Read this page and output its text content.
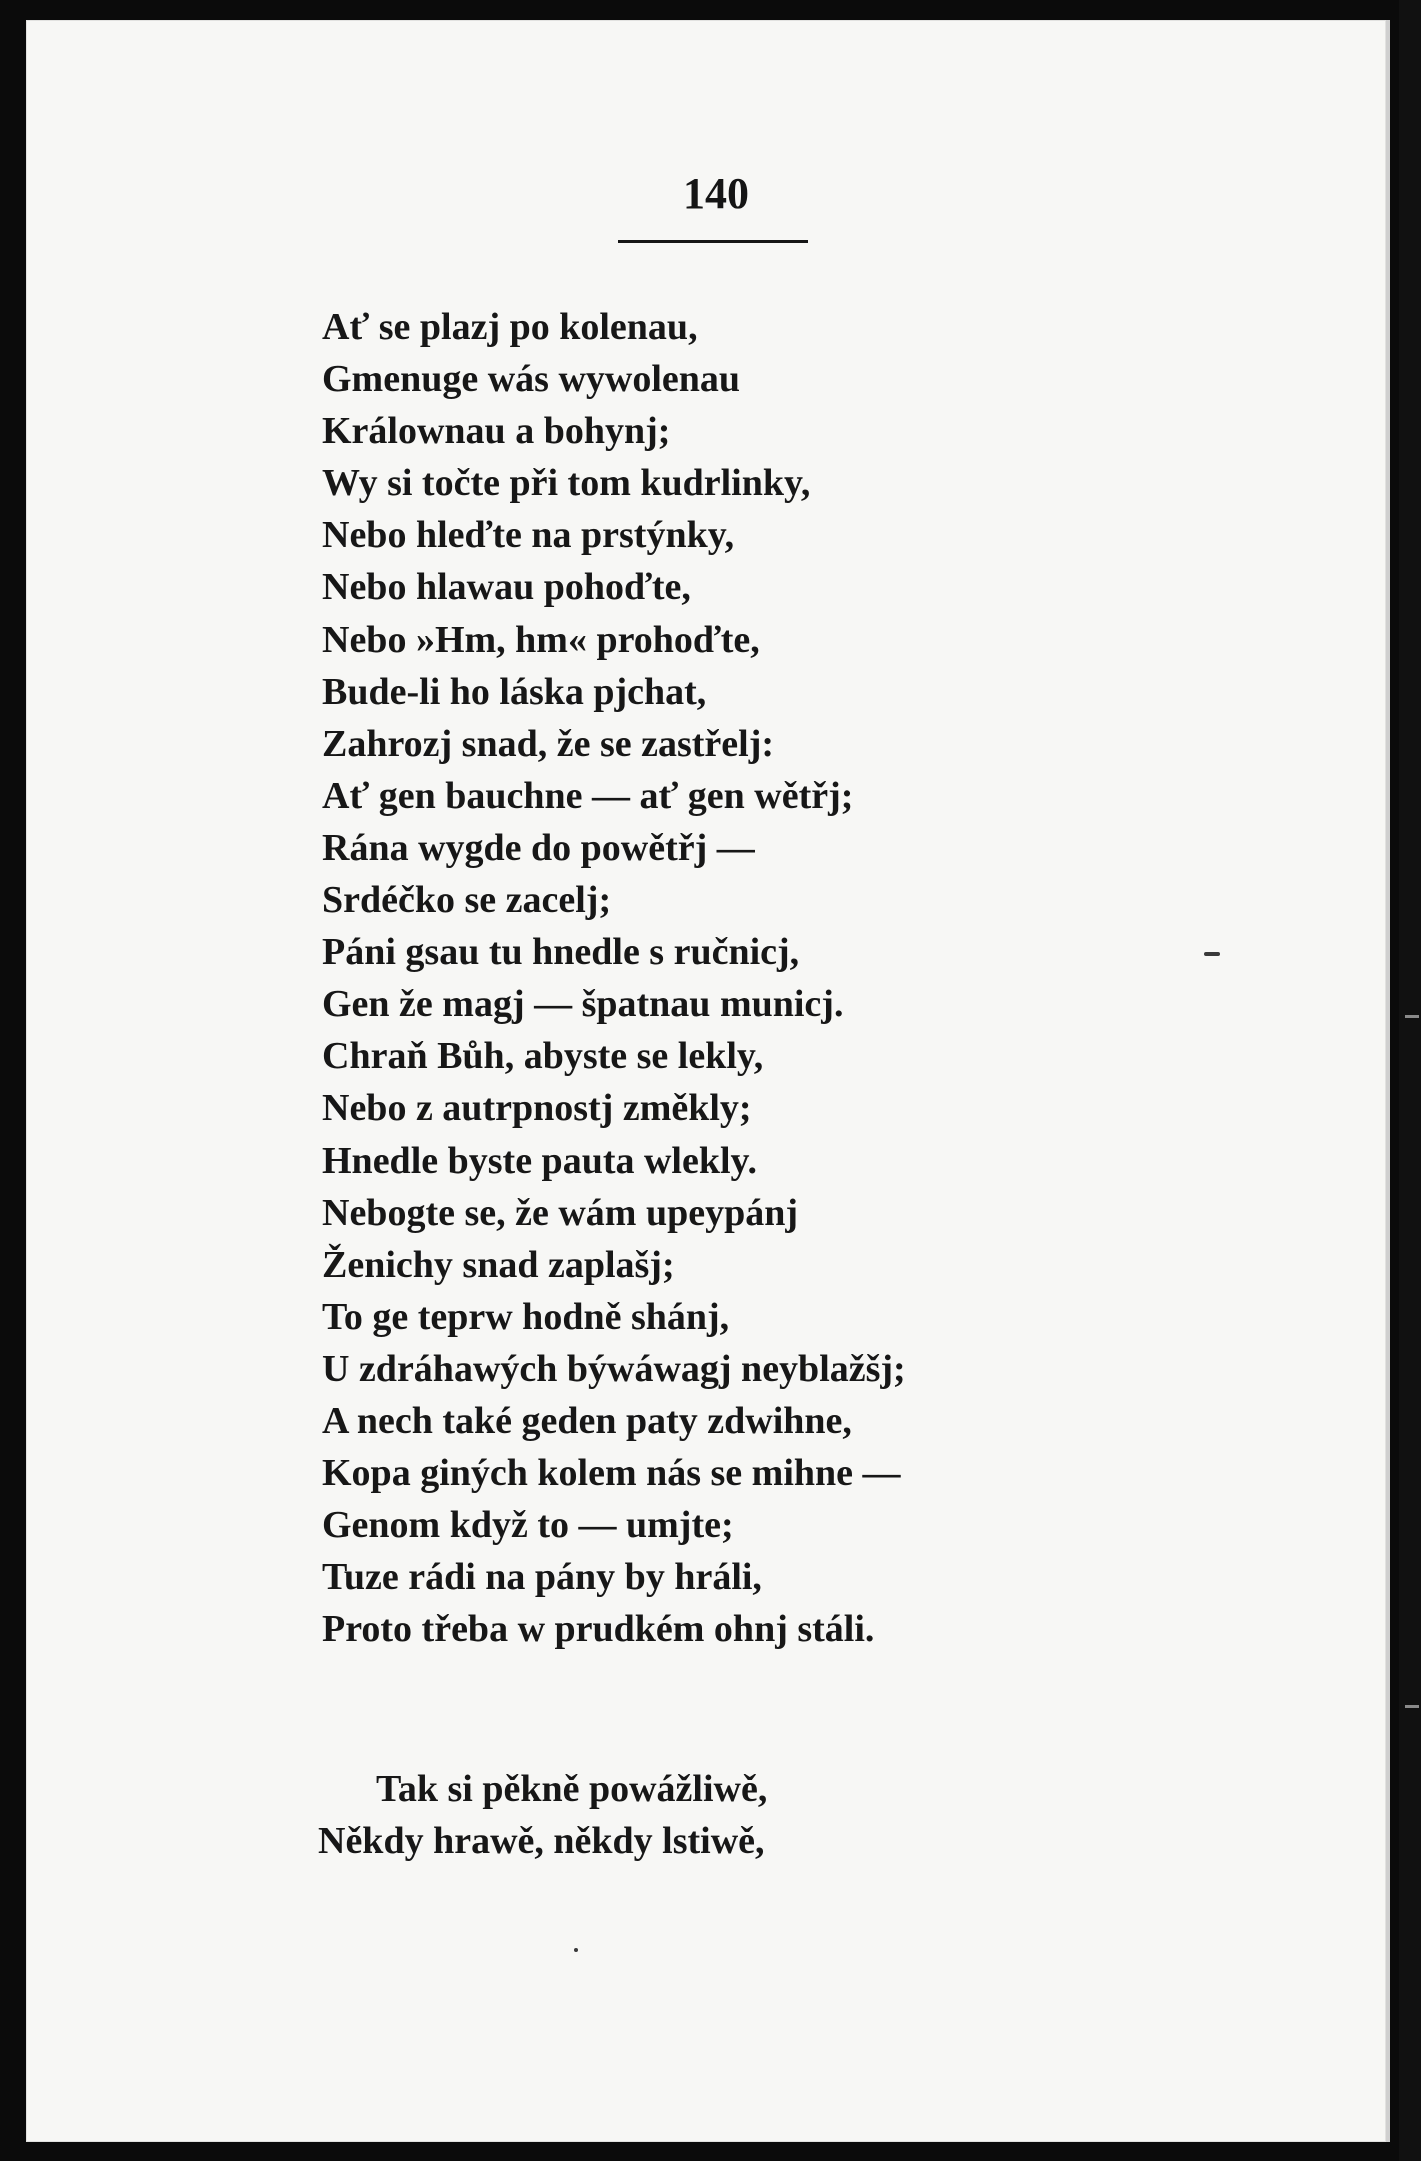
140
Ať se plazj po kolenau,
Gmenuge wás wywolenau
Králownau a bohynj;
Wy si točte při tom kudrlinky,
Nebo hleďte na prstýnky,
Nebo hlawau pohoďte,
Nebo »Hm, hm« prohoďte,
Bude-li ho láska pjchat,
Zahrozj snad, že se zastřelj:
Ať gen bauchne — ať gen wětřj;
Rána wygde do powětřj —
Srdéčko se zacelj;
Páni gsau tu hnedle s ručnicj,
Gen že magj — špatnau municj.
Chraň Bůh, abyste se lekly,
Nebo z autrpnostj změkly;
Hnedle byste pauta wlekly.
Nebogte se, že wám upeypánj
Ženichy snad zaplašj;
To ge teprw hodně shánj,
U zdráhawých býwáwagj neyblažšj;
A nech také geden paty zdwihne,
Kopa giných kolem nás se mihne —
Genom když to — umjte;
Tuze rádi na pány by hráli,
Proto třeba w prudkém ohnj stáli.
Tak si pěkně powážliwě,
Někdy hrawě, někdy lstiwě,
